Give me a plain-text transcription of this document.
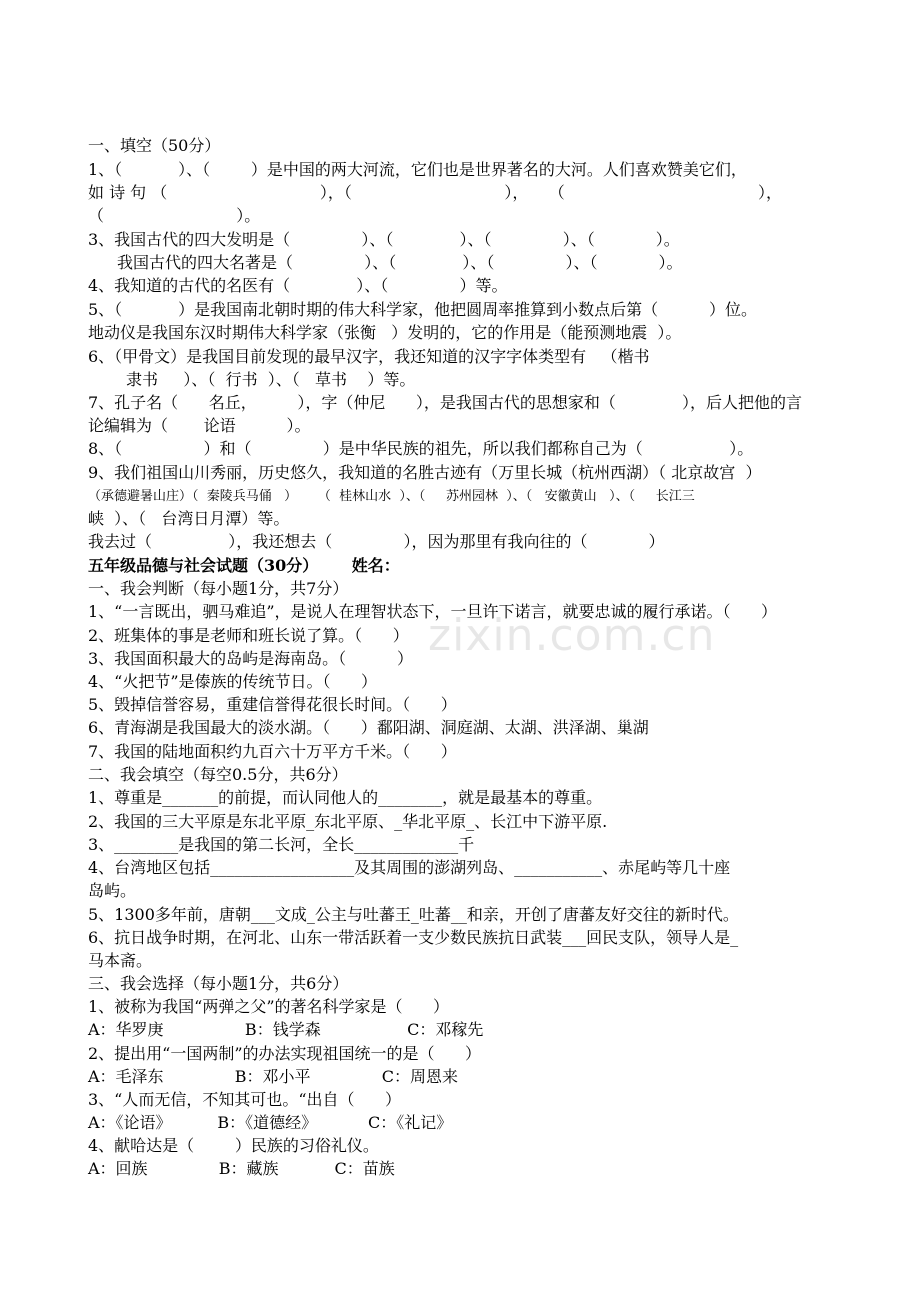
zixin.com.cn
一、填空（50分）
1、（           ）、（        ）是中国的两大河流，它们也是世界著名的大河。人们喜欢赞美它们，
如 诗 句 （                              ），（                              ），    （                                      ），
（                          ）。
3、我国古代的四大发明是（              ）、（             ）、（              ）、（            ）。
我国古代的四大名著是（              ）、（             ）、（              ）、（            ）。
4、我知道的古代的名医有（             ）、（              ）等。
5、（           ）是我国南北朝时期的伟大科学家，他把圆周率推算到小数点后第（          ）位。
地动仪是我国东汉时期伟大科学家（张衡   ）发明的，它的作用是（能预测地震  ）。
6、（甲骨文）是我国目前发现的最早汉字，我还知道的汉字字体类型有   （楷书
隶书     ）、（  行书  ）、（   草书    ）等。
7、孔子名（      名丘，        ），字（仲尼      ），是我国古代的思想家和（             ），后人把他的言
论编辑为（       论语          ）。
8、（                ）和（              ）是中华民族的祖先，所以我们都称自己为（                 ）。
9、我们祖国山川秀丽，历史悠久，我知道的名胜古迹有（万里长城（杭州西湖）（ 北京故宫  ）
（承德避暑山庄）（  秦陵兵马俑   ）     （  桂林山水  ）、（     苏州园林  ）、（   安徽黄山   ）、（     长江三
峡  ）、（   台湾日月潭）等。
我去过（               ），我还想去（              ），因为那里有我向往的（            ）
五年级品德与社会试题（30分）      姓名：
一、我会判断（每小题1分，共7分）
1、“一言既出，驷马难追”，是说人在理智状态下，一旦许下诺言，就要忠诚的履行承诺。（      ）
2、班集体的事是老师和班长说了算。（      ）
3、我国面积最大的岛屿是海南岛。（          ）
4、“火把节”是傣族的传统节日。（      ）
5、毁掉信誉容易，重建信誉得花很长时间。（      ）
6、青海湖是我国最大的淡水湖。（      ）鄱阳湖、洞庭湖、太湖、洪泽湖、巢湖
7、我国的陆地面积约九百六十万平方千米。（      ）
二、我会填空（每空0.5分，共6分）
1、尊重是_______的前提，而认同他人的________，就是最基本的尊重。
2、我国的三大平原是东北平原_东北平原、_华北平原_、长江中下游平原.
3、________是我国的第二长河，全长_____________千
4、台湾地区包括__________________及其周围的澎湖列岛、___________、赤尾屿等几十座
岛屿。
5、1300多年前，唐朝___文成_公主与吐蕃王_吐蕃__和亲，开创了唐蕃友好交往的新时代。
6、抗日战争时期，在河北、山东一带活跃着一支少数民族抗日武装___回民支队，领导人是_
马本斋。
三、我会选择（每小题1分，共6分）
1、被称为我国“两弹之父”的著名科学家是（      ）
A：华罗庚                B：钱学森                 C：邓稼先
2、提出用“一国两制”的办法实现祖国统一的是（      ）
A：毛泽东              B：邓小平              C：周恩来
3、“人而无信，不知其可也。“出自（      ）
A：《论语》         B：《道德经》          C：《礼记》
4、献哈达是（        ）民族的习俗礼仪。
A：回族              B：藏族           C：苗族
